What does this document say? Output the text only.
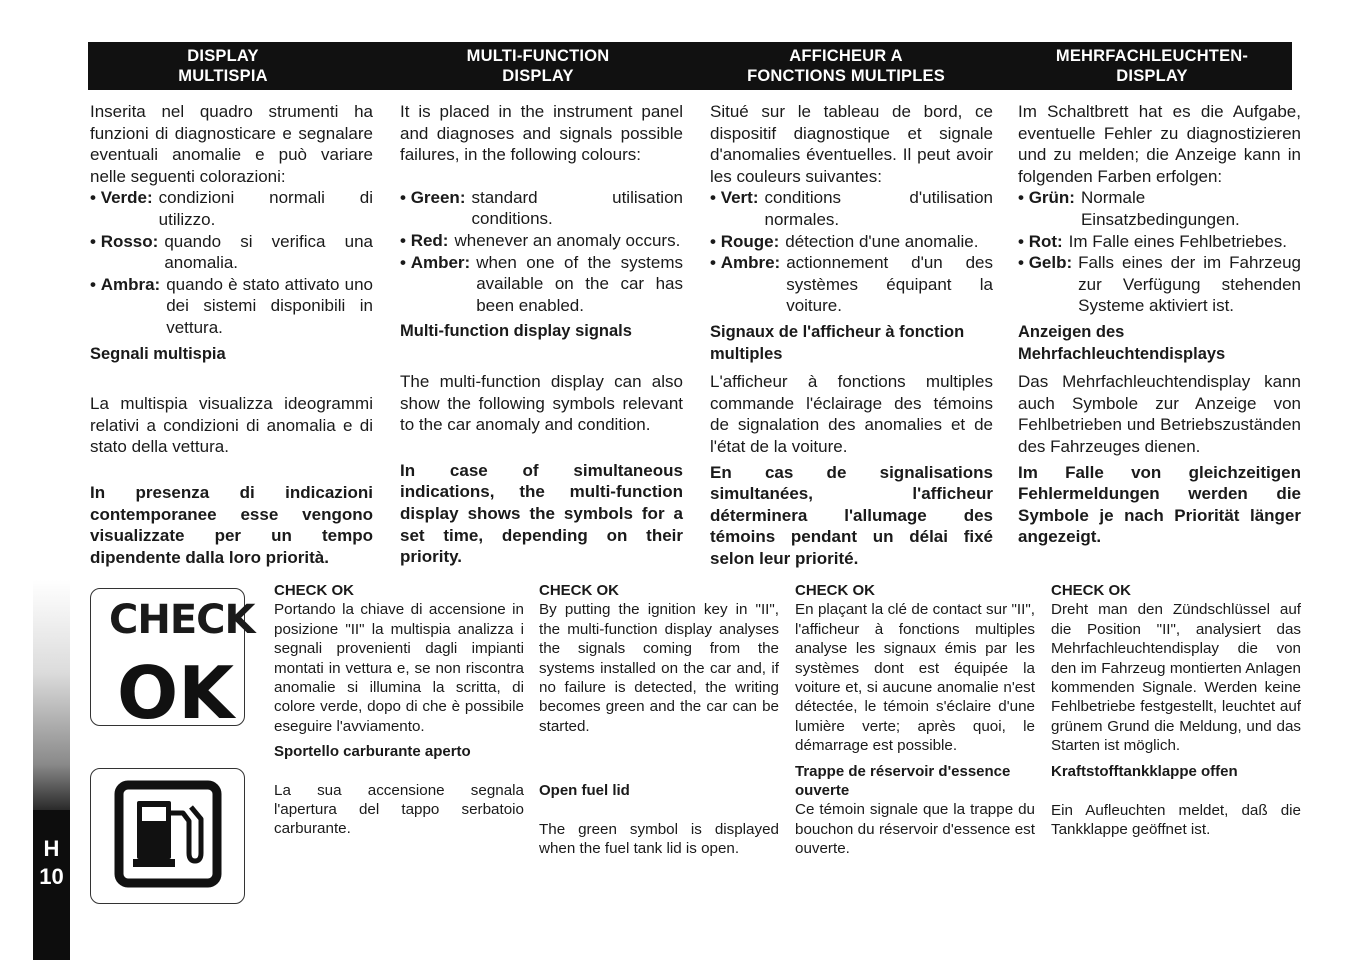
DISPLAY
MULTISPIA
MULTI-FUNCTION
DISPLAY
AFFICHEUR A
FONCTIONS MULTIPLES
MEHRFACHLEUCHTEN-
DISPLAY

Inserita nel quadro strumenti ha funzioni di diagnosticare e segnalare eventuali anomalie e può variare nelle seguenti colorazioni:

• Verde: condizioni normali di utilizzo.
• Rosso: quando si verifica una anomalia.
• Ambra: quando è stato attivato uno dei sistemi disponibili in vettura.
Segnali multispia

La multispia visualizza ideogrammi relativi a condizioni di anomalia e di stato della vettura.

In presenza di indicazioni contemporanee esse vengono visualizzate per un tempo dipendente dalla loro priorità.

It is placed in the instrument panel and diagnoses and signals possible failures, in the following colours:

• Green: standard utilisation conditions.
• Red: whenever an anomaly occurs.
• Amber: when one of the systems available on the car has been enabled.
Multi-function display signals

The multi-function display can also show the following symbols relevant to the car anomaly and condition.

In case of simultaneous indications, the multi-function display shows the symbols for a set time, depending on their priority.

Situé sur le tableau de bord, ce dispositif diagnostique et signale d'anomalies éventuelles. Il peut avoir les couleurs suivantes:

• Vert: conditions d'utilisation normales.
• Rouge: détection d'une anomalie.
• Ambre: actionnement d'un des systèmes équipant la voiture.
Signaux de l'afficheur à fonction multiples

L'afficheur à fonctions multiples commande l'éclairage des témoins de signalation des anomalies et de l'état de la voiture.

En cas de signalisations simultanées, l'afficheur déterminera l'allumage des témoins pendant un délai fixé selon leur priorité.

Im Schaltbrett hat es die Aufgabe, eventuelle Fehler zu diagnostizieren und zu melden; die Anzeige kann in folgenden Farben erfolgen:

• Grün: Normale Einsatzbedingungen.
• Rot: Im Falle eines Fehlbetriebes.
• Gelb: Falls eines der im Fahrzeug zur Verfügung stehenden Systeme aktiviert ist.
Anzeigen des Mehrfachleuchtendisplays

Das Mehrfachleuchtendisplay kann auch Symbole zur Anzeige von Fehlbetrieben und Betriebszuständen des Fahrzeuges dienen.

Im Falle von gleichzeitigen Fehlermeldungen werden die Symbole je nach Priorität länger angezeigt.

H
10
CHECK
OK
CHECK OK

Portando la chiave di accensione in posizione "II" la multispia analizza i segnali provenienti dagli impianti montati in vettura e, se non riscontra anomalie si illumina la scritta, di colore verde, dopo di che è possibile eseguire l'avviamento.

Sportello carburante aperto

La sua accensione segnala l'apertura del tappo serbatoio carburante.

CHECK OK

By putting the ignition key in "II", the multi-function display analyses the signals coming from the systems installed on the car and, if no failure is detected, the writing becomes green and the car can be started.

Open fuel lid

The green symbol is displayed when the fuel tank lid is open.

CHECK OK

En plaçant la clé de contact sur "II", l'afficheur à fonctions multiples analyse les signaux émis par les systèmes dont est équipée la voiture et, si aucune anomalie n'est détectée, le témoin s'éclaire d'une lumière verte; après quoi, le démarrage est possible.

Trappe de réservoir d'essence ouverte

Ce témoin signale que la trappe du bouchon du réservoir d'essence est ouverte.

CHECK OK

Dreht man den Zündschlüssel auf die Position "II", analysiert das Mehrfachleuchtendisplay die von den im Fahrzeug montierten Anlagen kommenden Signale. Werden keine Fehlbetriebe festgestellt, leuchtet auf grünem Grund die Meldung, und das Starten ist möglich.

Kraftstofftankklappe offen

Ein Aufleuchten meldet, daß die Tankklappe geöffnet ist.
